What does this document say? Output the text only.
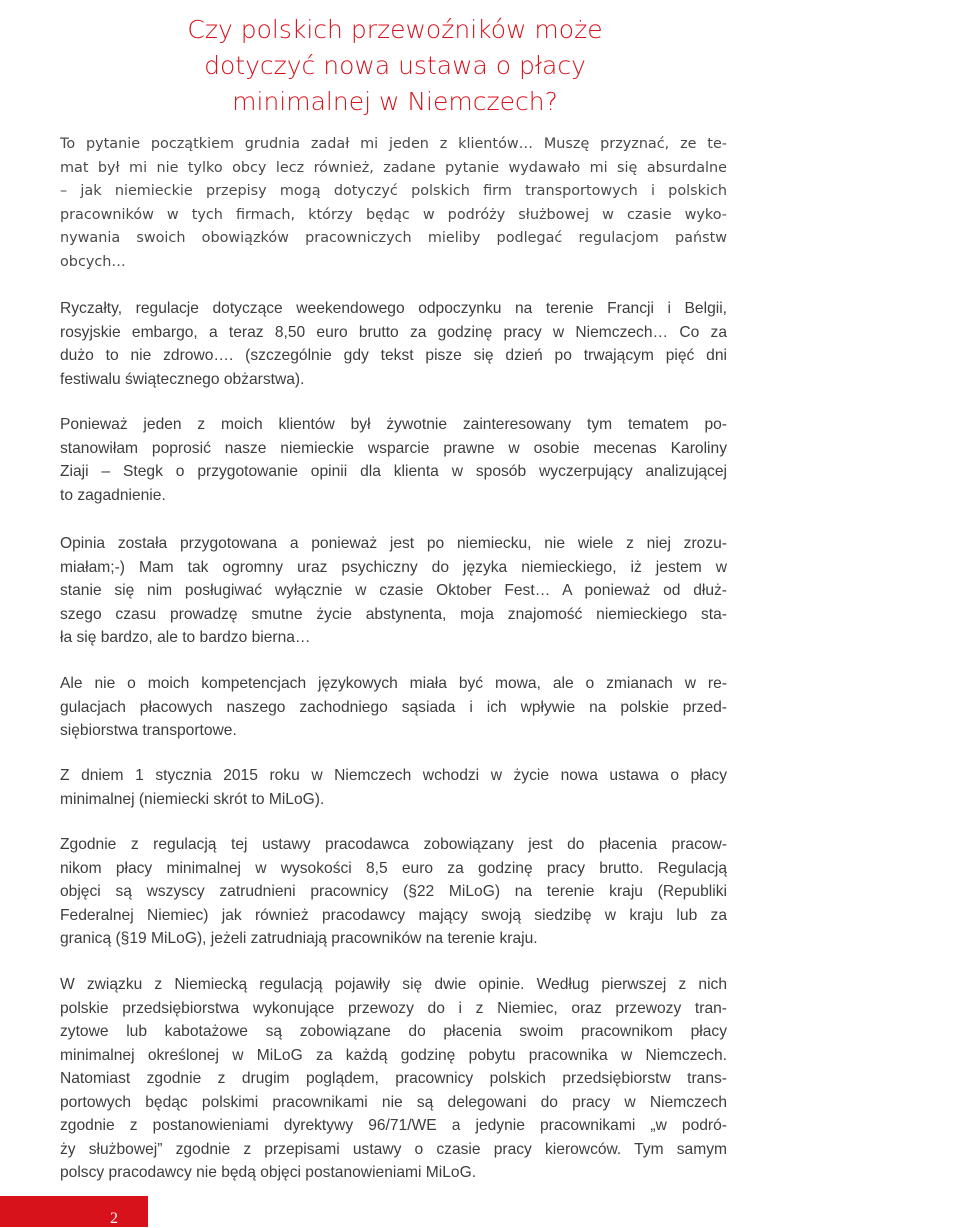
Czy polskich przewoźników może
dotyczyć nowa ustawa o płacy
minimalnej w Niemczech?
To pytanie początkiem grudnia zadał mi jeden z klientów… Muszę przyznać, ze te-
mat był mi nie tylko obcy lecz również, zadane pytanie wydawało mi się absurdalne
– jak niemieckie przepisy mogą dotyczyć polskich firm transportowych i polskich
pracowników w tych firmach, którzy będąc w podróży służbowej w czasie wyko-
nywania swoich obowiązków pracowniczych mieliby podlegać regulacjom państw
obcych…
Ryczałty, regulacje dotyczące weekendowego odpoczynku na terenie Francji i Belgii,
rosyjskie embargo, a teraz 8,50 euro brutto za godzinę pracy w Niemczech… Co za
dużo to nie zdrowo…. (szczególnie gdy tekst pisze się dzień po trwającym pięć dni
festiwalu świątecznego obżarstwa).
Ponieważ jeden z moich klientów był żywotnie zainteresowany tym tematem po-
stanowiłam poprosić nasze niemieckie wsparcie prawne w osobie mecenas Karoliny
Ziaji – Stegk o przygotowanie opinii dla klienta w sposób wyczerpujący analizującej
to zagadnienie.
Opinia została przygotowana a ponieważ jest po niemiecku, nie wiele z niej zrozu-
miałam;-) Mam tak ogromny uraz psychiczny do języka niemieckiego, iż jestem w
stanie się nim posługiwać wyłącznie w czasie Oktober Fest… A ponieważ od dłuż-
szego czasu prowadzę smutne życie abstynenta, moja znajomość niemieckiego sta-
ła się bardzo, ale to bardzo bierna…
Ale nie o moich kompetencjach językowych miała być mowa, ale o zmianach w re-
gulacjach płacowych naszego zachodniego sąsiada i ich wpływie na polskie przed-
siębiorstwa transportowe.
Z dniem 1 stycznia 2015 roku w Niemczech wchodzi w życie nowa ustawa o płacy
minimalnej (niemiecki skrót to MiLoG).
Zgodnie z regulacją tej ustawy pracodawca zobowiązany jest do płacenia pracow-
nikom płacy minimalnej w wysokości 8,5 euro za godzinę pracy brutto. Regulacją
objęci są wszyscy zatrudnieni pracownicy (§22 MiLoG) na terenie kraju (Republiki
Federalnej Niemiec) jak również pracodawcy mający swoją siedzibę w kraju lub za
granicą (§19 MiLoG), jeżeli zatrudniają pracowników na terenie kraju.
W związku z Niemiecką regulacją pojawiły się dwie opinie. Według pierwszej z nich
polskie przedsiębiorstwa wykonujące przewozy do i z Niemiec, oraz przewozy tran-
zytowe lub kabotażowe są zobowiązane do płacenia swoim pracownikom płacy
minimalnej określonej w MiLoG za każdą godzinę pobytu pracownika w Niemczech.
Natomiast zgodnie z drugim poglądem, pracownicy polskich przedsiębiorstw trans-
portowych będąc polskimi pracownikami nie są delegowani do pracy w Niemczech
zgodnie z postanowieniami dyrektywy 96/71/WE a jedynie pracownikami „w podró-
ży służbowej” zgodnie z przepisami ustawy o czasie pracy kierowców. Tym samym
polscy pracodawcy nie będą objęci postanowieniami MiLoG.
2
